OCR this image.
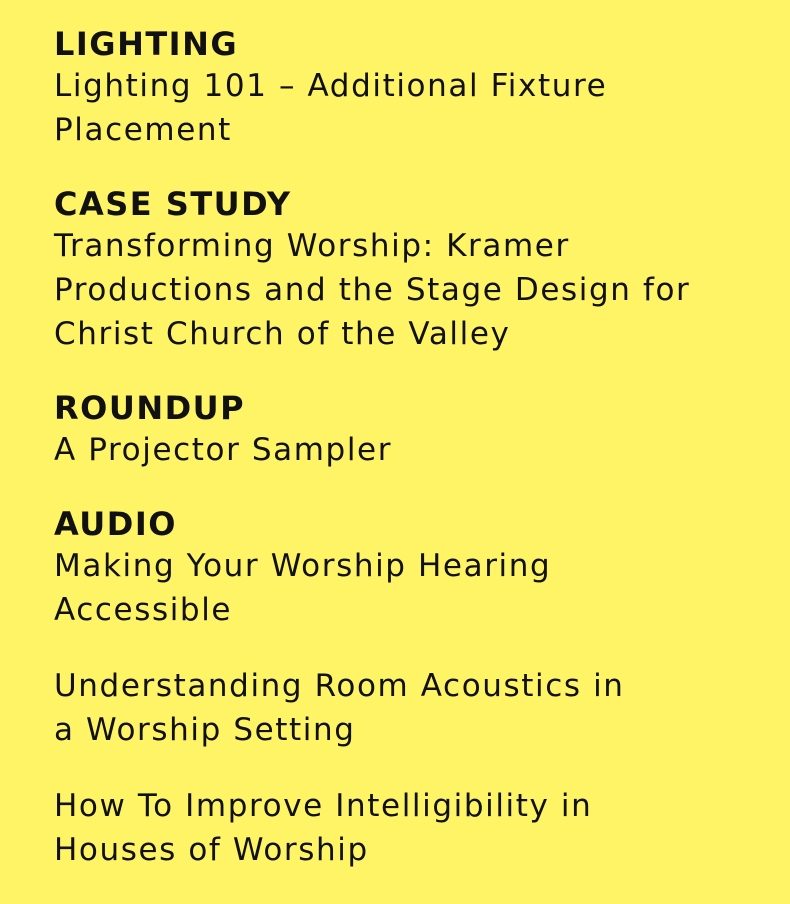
LIGHTING
Lighting 101 – Additional Fixture Placement
CASE STUDY
Transforming Worship: Kramer Productions and the Stage Design for Christ Church of the Valley
ROUNDUP
A Projector Sampler
AUDIO
Making Your Worship Hearing Accessible
Understanding Room Acoustics in a Worship Setting
How To Improve Intelligibility in Houses of Worship
